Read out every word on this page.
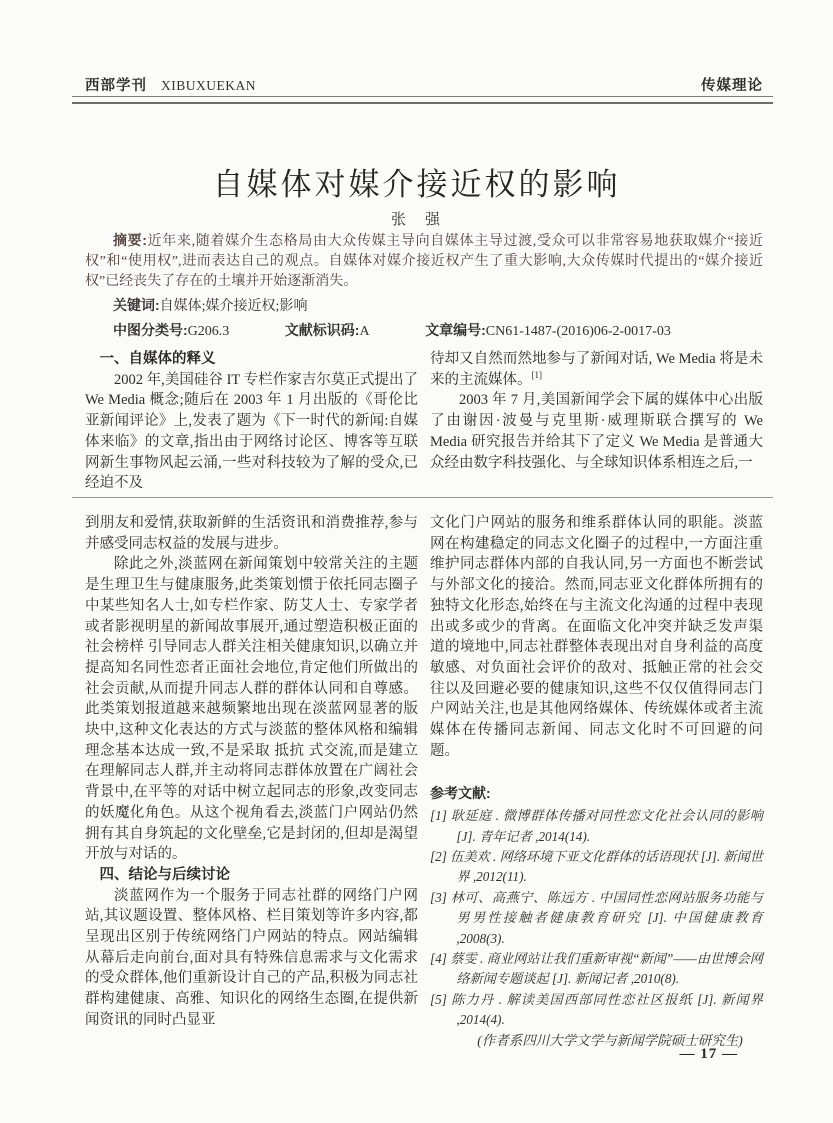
西部学刊 XIBUXUEKAN	传媒理论
自媒体对媒介接近权的影响
张　强

摘要:近年来,随着媒介生态格局由大众传媒主导向自媒体主导过渡,受众可以非常容易地获取媒介“接近权”和“使用权”,进而表达自己的观点。自媒体对媒介接近权产生了重大影响,大众传媒时代提出的“媒介接近权”已经丧失了存在的土壤并开始逐渐消失。

关键词:自媒体;媒介接近权;影响

中图分类号:G206.3	文献标识码:A	文章编号:CN61-1487-(2016)06-2-0017-03

一、自媒体的释义

2002 年,美国硅谷 IT 专栏作家吉尔莫正式提出了 We Media 概念;随后在 2003 年 1 月出版的《哥伦比亚新闻评论》上,发表了题为《下一时代的新闻:自媒体来临》的文章,指出由于网络讨论区、博客等互联网新生事物风起云涌,一些对科技较为了解的受众,已经迫不及

待却又自然而然地参与了新闻对话, We Media 将是未来的主流媒体。[1]

2003 年 7 月,美国新闻学会下属的媒体中心出版了由谢因·波曼与克里斯·威理斯联合撰写的 We Media 研究报告并给其下了定义 We Media 是普通大众经由数字科技强化、与全球知识体系相连之后,一

到朋友和爱情,获取新鲜的生活资讯和消费推荐,参与并感受同志权益的发展与进步。

除此之外,淡蓝网在新闻策划中较常关注的主题是生理卫生与健康服务,此类策划惯于依托同志圈子中某些知名人士,如专栏作家、防艾人士、专家学者或者影视明星的新闻故事展开,通过塑造积极正面的 社会榜样 引导同志人群关注相关健康知识,以确立并提高知名同性恋者正面社会地位,肯定他们所做出的社会贡献,从而提升同志人群的群体认同和自尊感。此类策划报道越来越频繁地出现在淡蓝网显著的版块中,这种文化表达的方式与淡蓝的整体风格和编辑理念基本达成一致,不是采取 抵抗 式交流,而是建立在理解同志人群,并主动将同志群体放置在广阔社会背景中,在平等的对话中树立起同志的形象,改变同志的妖魔化角色。从这个视角看去,淡蓝门户网站仍然拥有其自身筑起的文化壁垒,它是封闭的,但却是渴望开放与对话的。

四、结论与后续讨论

淡蓝网作为一个服务于同志社群的网络门户网站,其议题设置、整体风格、栏目策划等许多内容,都呈现出区别于传统网络门户网站的特点。网站编辑从幕后走向前台,面对具有特殊信息需求与文化需求的受众群体,他们重新设计自己的产品,积极为同志社群构建健康、高雅、知识化的网络生态圈,在提供新闻资讯的同时凸显亚

文化门户网站的服务和维系群体认同的职能。淡蓝网在构建稳定的同志文化圈子的过程中,一方面注重维护同志群体内部的自我认同,另一方面也不断尝试与外部文化的接洽。然而,同志亚文化群体所拥有的独特文化形态,始终在与主流文化沟通的过程中表现出或多或少的背离。在面临文化冲突并缺乏发声渠道的境地中,同志社群整体表现出对自身利益的高度敏感、对负面社会评价的敌对、抵触正常的社会交往以及回避必要的健康知识,这些不仅仅值得同志门户网站关注,也是其他网络媒体、传统媒体或者主流媒体在传播同志新闻、同志文化时不可回避的问题。

参考文献:

[1] 耿延庭 . 微博群体传播对同性恋文化社会认同的影响 [J]. 青年记者 ,2014(14).
[2] 伍美欢 . 网络环境下亚文化群体的话语现状 [J]. 新闻世界 ,2012(11).
[3] 林可、高燕宁、陈远方 . 中国同性恋网站服务功能与男男性接触者健康教育研究 [J]. 中国健康教育 ,2008(3).
[4] 蔡雯 . 商业网站让我们重新审视“新闻”——由世博会网络新闻专题谈起 [J]. 新闻记者 ,2010(8).
[5] 陈力丹 . 解读美国西部同性恋社区报纸 [J]. 新闻界 ,2014(4).

(作者系四川大学文学与新闻学院硕士研究生)

— 17 —
